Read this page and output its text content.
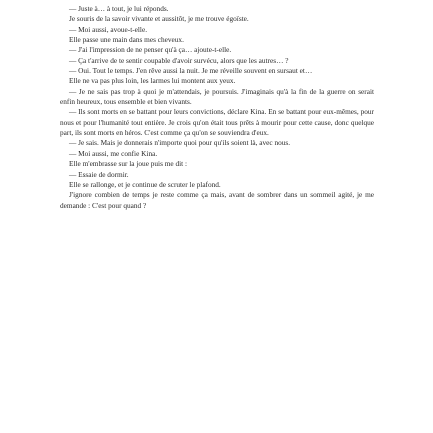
— Juste à… à tout, je lui réponds.

Je souris de la savoir vivante et aussitôt, je me trouve égoïste.

— Moi aussi, avoue-t-elle.

Elle passe une main dans mes cheveux.

— J'ai l'impression de ne penser qu'à ça… ajoute-t-elle.

— Ça t'arrive de te sentir coupable d'avoir survécu, alors que les autres… ?

— Oui. Tout le temps. J'en rêve aussi la nuit. Je me réveille souvent en sursaut et…

Elle ne va pas plus loin, les larmes lui montent aux yeux.

— Je ne sais pas trop à quoi je m'attendais, je poursuis. J'imaginais qu'à la fin de la guerre on serait enfin heureux, tous ensemble et bien vivants.

— Ils sont morts en se battant pour leurs convictions, déclare Kina. En se battant pour eux-mêmes, pour nous et pour l'humanité tout entière. Je crois qu'on était tous prêts à mourir pour cette cause, donc quelque part, ils sont morts en héros. C'est comme ça qu'on se souviendra d'eux.

— Je sais. Mais je donnerais n'importe quoi pour qu'ils soient là, avec nous.

— Moi aussi, me confie Kina.

Elle m'embrasse sur la joue puis me dit :

— Essaie de dormir.

Elle se rallonge, et je continue de scruter le plafond.

J'ignore combien de temps je reste comme ça mais, avant de sombrer dans un sommeil agité, je me demande : C'est pour quand ?
